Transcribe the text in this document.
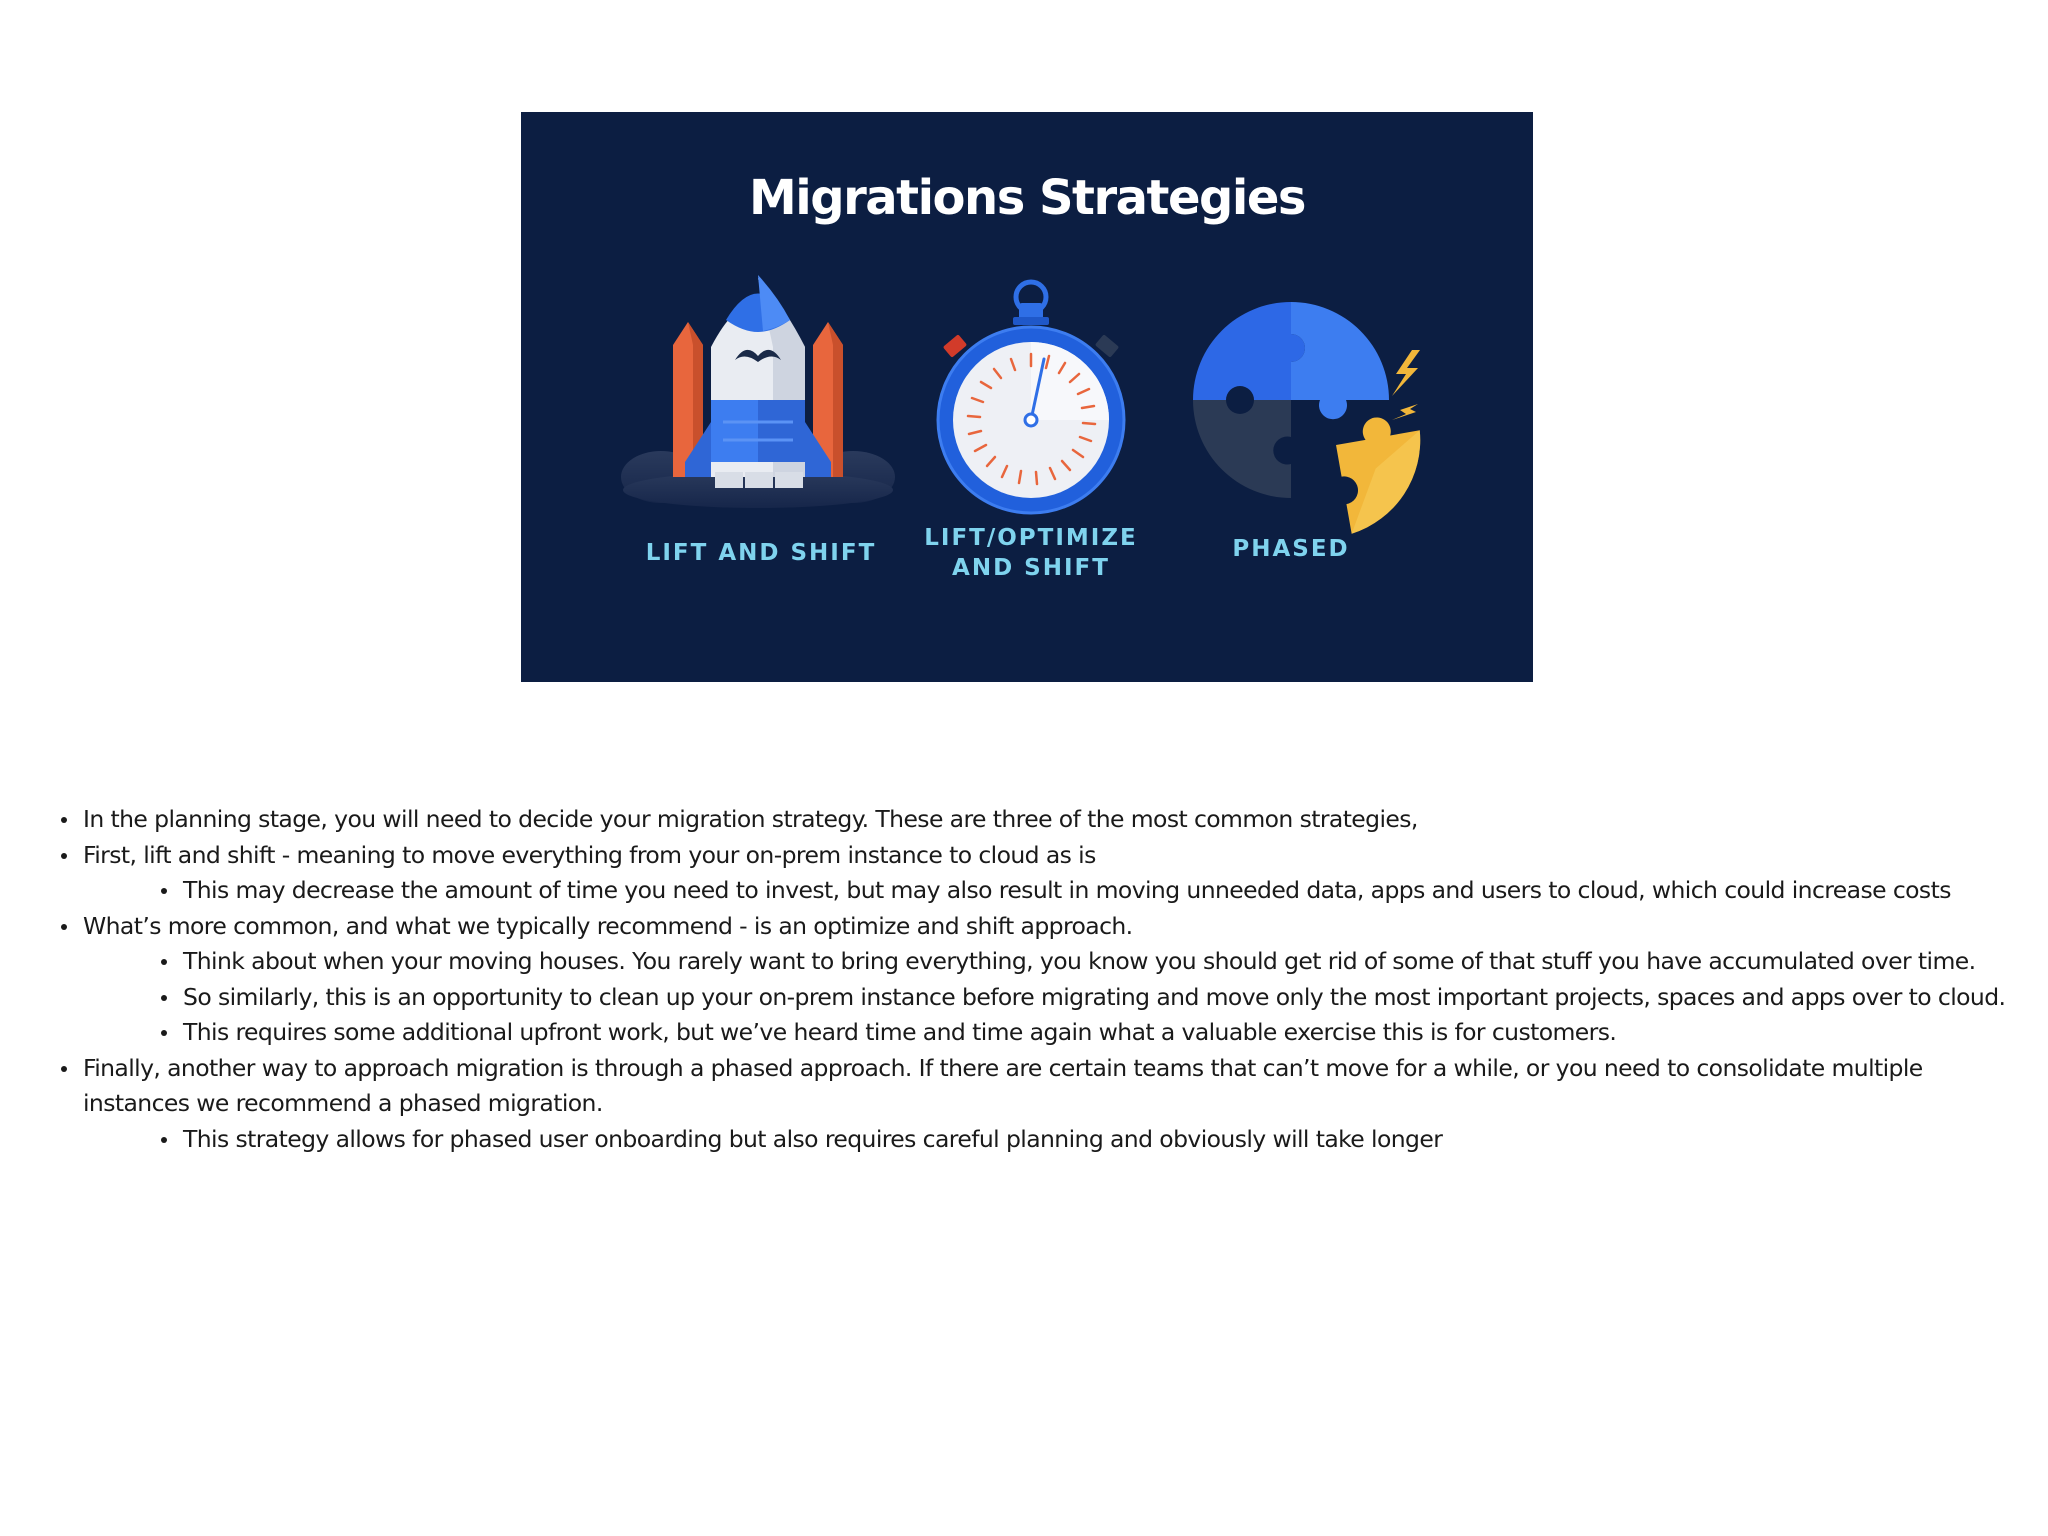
Migrations Strategies
LIFT AND SHIFT
LIFT/OPTIMIZE
AND SHIFT
PHASED
In the planning stage, you will need to decide your migration strategy. These are three of the most common strategies,
First, lift and shift - meaning to move everything from your on-prem instance to cloud as is
This may decrease the amount of time you need to invest, but may also result in moving unneeded data, apps and users to cloud, which could increase costs
What’s more common, and what we typically recommend - is an optimize and shift approach.
Think about when your moving houses. You rarely want to bring everything, you know you should get rid of some of that stuff you have accumulated over time.
So similarly, this is an opportunity to clean up your on-prem instance before migrating and move only the most important projects, spaces and apps over to cloud.
This requires some additional upfront work, but we’ve heard time and time again what a valuable exercise this is for customers.
Finally, another way to approach migration is through a phased approach. If there are certain teams that can’t move for a while, or you need to consolidate multiple instances we recommend a phased migration.
This strategy allows for phased user onboarding but also requires careful planning and obviously will take longer
